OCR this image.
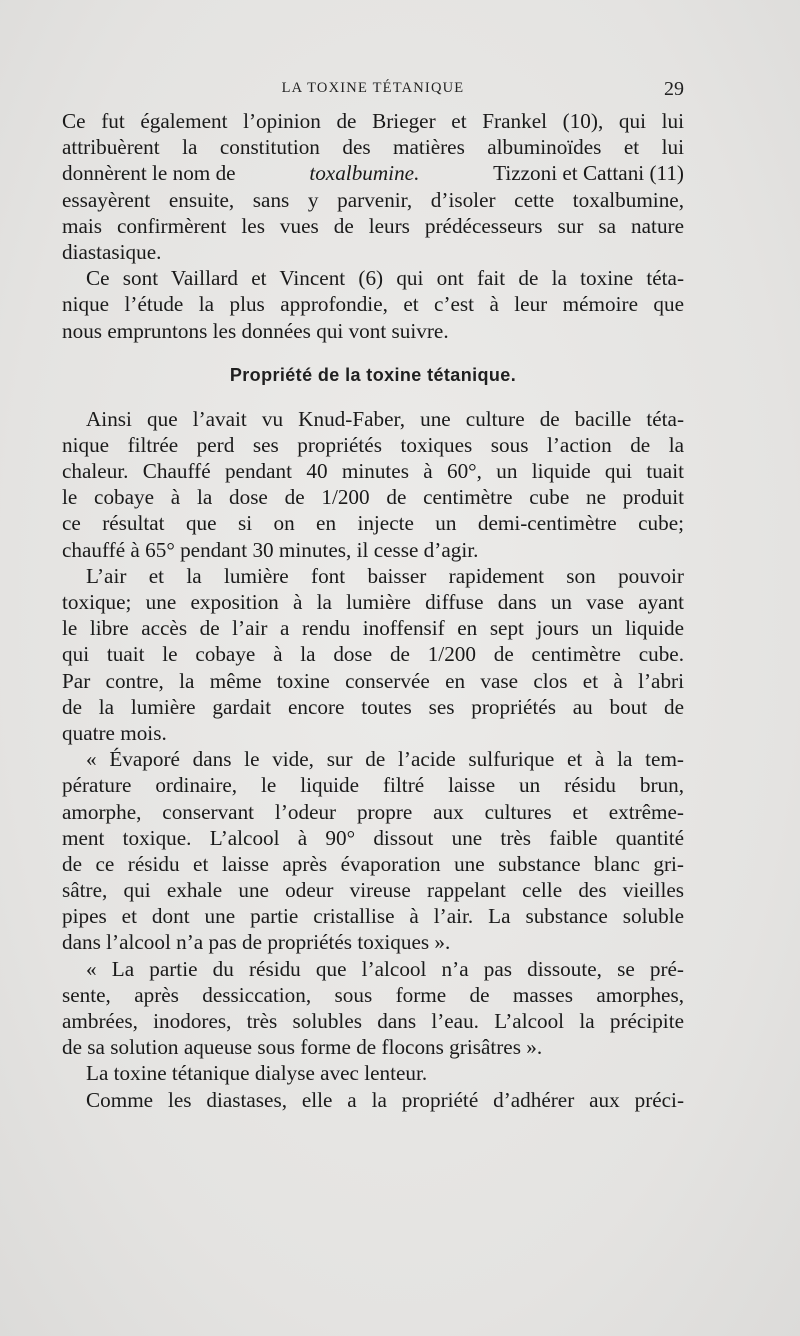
LA TOXINE TÉTANIQUE	29
Ce fut également l’opinion de Brieger et Frankel (10), qui lui
attribuèrent la constitution des matières albuminoïdes et lui
donnèrent le nom de	toxalbumine.	Tizzoni et Cattani (11)
essayèrent ensuite, sans y parvenir, d’isoler cette toxalbumine,
mais confirmèrent les vues de leurs prédécesseurs sur sa nature
diastasique.
Ce sont Vaillard et Vincent (6) qui ont fait de la toxine téta-
nique l’étude la plus approfondie, et c’est à leur mémoire que
nous empruntons les données qui vont suivre.
Propriété de la toxine tétanique.
Ainsi que l’avait vu Knud-Faber, une culture de bacille téta-
nique filtrée perd ses propriétés toxiques sous l’action de la
chaleur. Chauffé pendant 40 minutes à 60°, un liquide qui tuait
le cobaye à la dose de 1/200 de centimètre cube ne produit
ce résultat que si on en injecte un demi-centimètre cube;
chauffé à 65° pendant 30 minutes, il cesse d’agir.
L’air et la lumière font baisser rapidement son pouvoir
toxique; une exposition à la lumière diffuse dans un vase ayant
le libre accès de l’air a rendu inoffensif en sept jours un liquide
qui tuait le cobaye à la dose de 1/200 de centimètre cube.
Par contre, la même toxine conservée en vase clos et à l’abri
de la lumière gardait encore toutes ses propriétés au bout de
quatre mois.
« Évaporé dans le vide, sur de l’acide sulfurique et à la tem-
pérature ordinaire, le liquide filtré laisse un résidu brun,
amorphe, conservant l’odeur propre aux cultures et extrême-
ment toxique. L’alcool à 90° dissout une très faible quantité
de ce résidu et laisse après évaporation une substance blanc gri-
sâtre, qui exhale une odeur vireuse rappelant celle des vieilles
pipes et dont une partie cristallise à l’air. La substance soluble
dans l’alcool n’a pas de propriétés toxiques ».
« La partie du résidu que l’alcool n’a pas dissoute, se pré-
sente, après dessiccation, sous forme de masses amorphes,
ambrées, inodores, très solubles dans l’eau. L’alcool la précipite
de sa solution aqueuse sous forme de flocons grisâtres ».
La toxine tétanique dialyse avec lenteur.
Comme les diastases, elle a la propriété d’adhérer aux préci-
